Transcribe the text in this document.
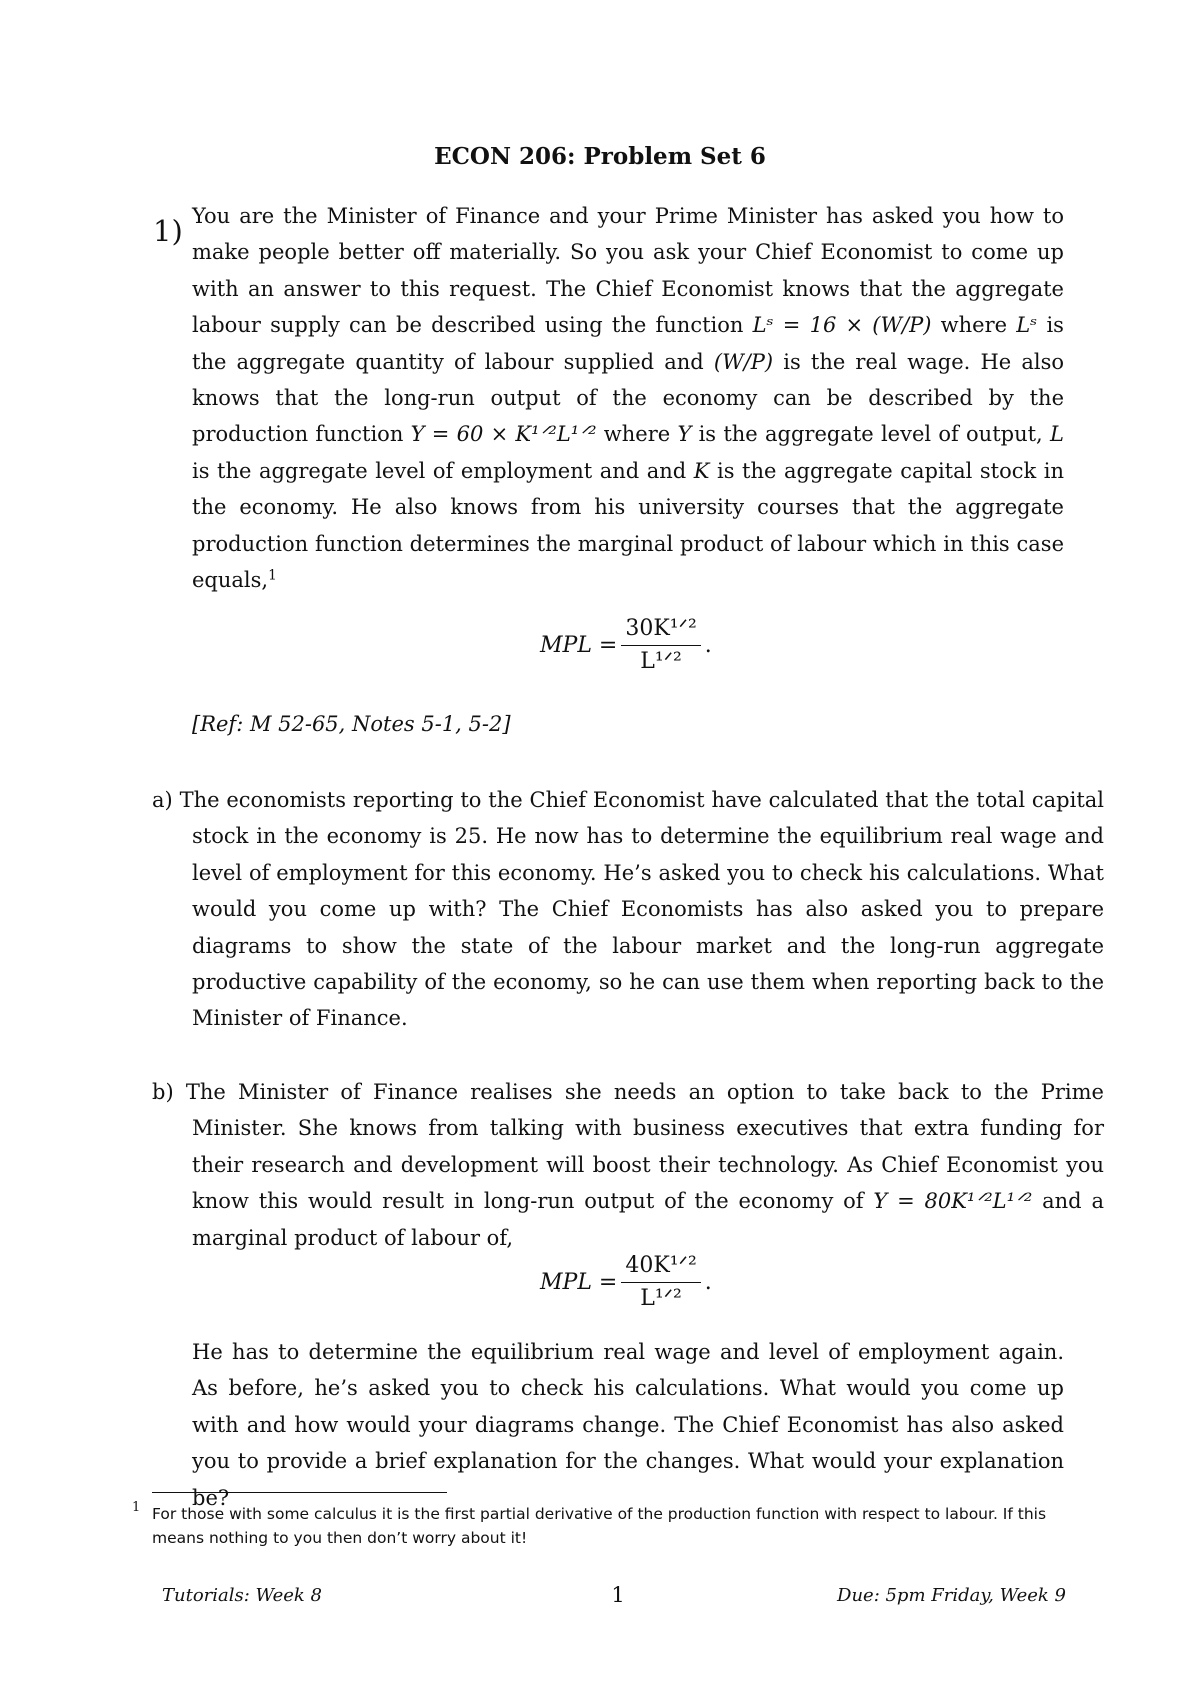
ECON 206: Problem Set 6
1) You are the Minister of Finance and your Prime Minister has asked you how to make people better off materially. So you ask your Chief Economist to come up with an answer to this request. The Chief Economist knows that the aggregate labour supply can be described using the function Lˢ = 16 × (W/P) where Lˢ is the aggregate quantity of labour supplied and (W/P) is the real wage. He also knows that the long-run output of the economy can be described by the production function Y = 60 × K¹ᐟ²L¹ᐟ² where Y is the aggregate level of output, L is the aggregate level of employment and and K is the aggregate capital stock in the economy. He also knows from his university courses that the aggregate production function determines the marginal product of labour which in this case equals,$^1$

MPL = $\frac{\text{30K¹ᐟ²}}{\text{L¹ᐟ²}}$ .
[Ref: M 52-65, Notes 5-1, 5-2]

a) The economists reporting to the Chief Economist have calculated that the total capital stock in the economy is 25. He now has to determine the equilibrium real wage and level of employment for this economy. He’s asked you to check his calculations. What would you come up with? The Chief Economists has also asked you to prepare diagrams to show the state of the labour market and the long-run aggregate productive capability of the economy, so he can use them when reporting back to the Minister of Finance.

b) The Minister of Finance realises she needs an option to take back to the Prime Minister. She knows from talking with business executives that extra funding for their research and development will boost their technology. As Chief Economist you know this would result in long-run output of the economy of Y = 80K¹ᐟ²L¹ᐟ² and a marginal product of labour of,

MPL = $\frac{\text{40K¹ᐟ²}}{\text{L¹ᐟ²}}$ .

He has to determine the equilibrium real wage and level of employment again. As before, he’s asked you to check his calculations. What would you come up with and how would your diagrams change. The Chief Economist has also asked you to provide a brief explanation for the changes. What would your explanation be?

1 For those with some calculus it is the first partial derivative of the production function with respect to labour. If this means nothing to you then don’t worry about it!

Tutorials: Week 8	1	Due: 5pm Friday, Week 9
